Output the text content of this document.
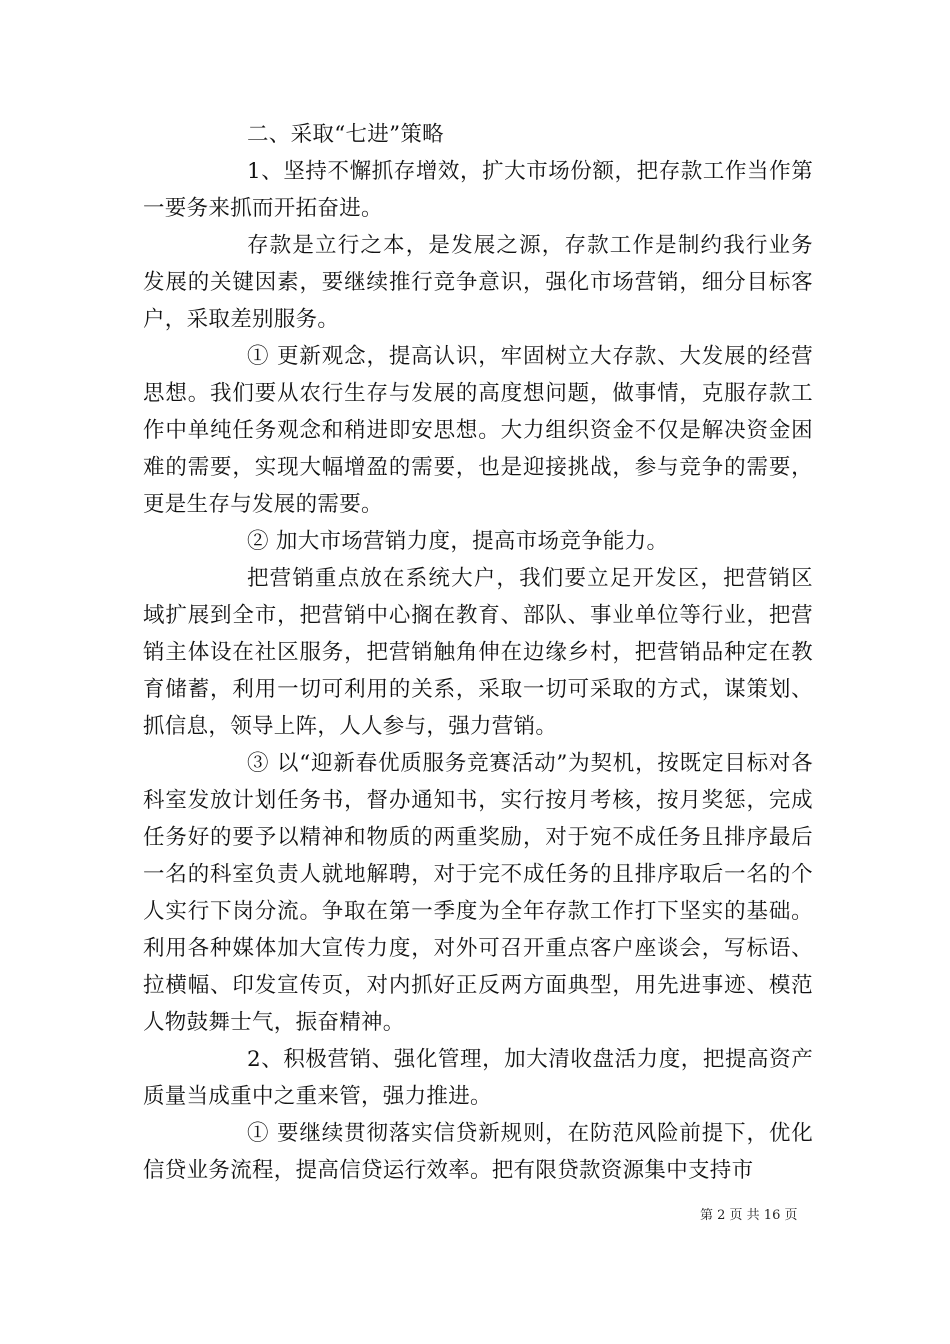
二、采取“七进”策略

1、坚持不懈抓存增效，扩大市场份额，把存款工作当作第一要务来抓而开拓奋进。

存款是立行之本，是发展之源，存款工作是制约我行业务发展的关键因素，要继续推行竞争意识，强化市场营销，细分目标客户，采取差别服务。

① 更新观念，提高认识，牢固树立大存款、大发展的经营思想。我们要从农行生存与发展的高度想问题，做事情，克服存款工作中单纯任务观念和稍进即安思想。大力组织资金不仅是解决资金困难的需要，实现大幅增盈的需要，也是迎接挑战，参与竞争的需要，更是生存与发展的需要。

② 加大市场营销力度，提高市场竞争能力。

把营销重点放在系统大户，我们要立足开发区，把营销区域扩展到全市，把营销中心搁在教育、部队、事业单位等行业，把营销主体设在社区服务，把营销触角伸在边缘乡村，把营销品种定在教育储蓄，利用一切可利用的关系，采取一切可采取的方式，谋策划、抓信息，领导上阵，人人参与，强力营销。

③ 以“迎新春优质服务竞赛活动”为契机，按既定目标对各科室发放计划任务书，督办通知书，实行按月考核，按月奖惩，完成任务好的要予以精神和物质的两重奖励，对于宛不成任务且排序最后一名的科室负责人就地解聘，对于完不成任务的且排序取后一名的个人实行下岗分流。争取在第一季度为全年存款工作打下坚实的基础。利用各种媒体加大宣传力度，对外可召开重点客户座谈会，写标语、拉横幅、印发宣传页，对内抓好正反两方面典型，用先进事迹、模范人物鼓舞士气，振奋精神。

2、积极营销、强化管理，加大清收盘活力度，把提高资产质量当成重中之重来管，强力推进。

① 要继续贯彻落实信贷新规则，在防范风险前提下，优化信贷业务流程，提高信贷运行效率。把有限贷款资源集中支持市

第 2 页 共 16 页
